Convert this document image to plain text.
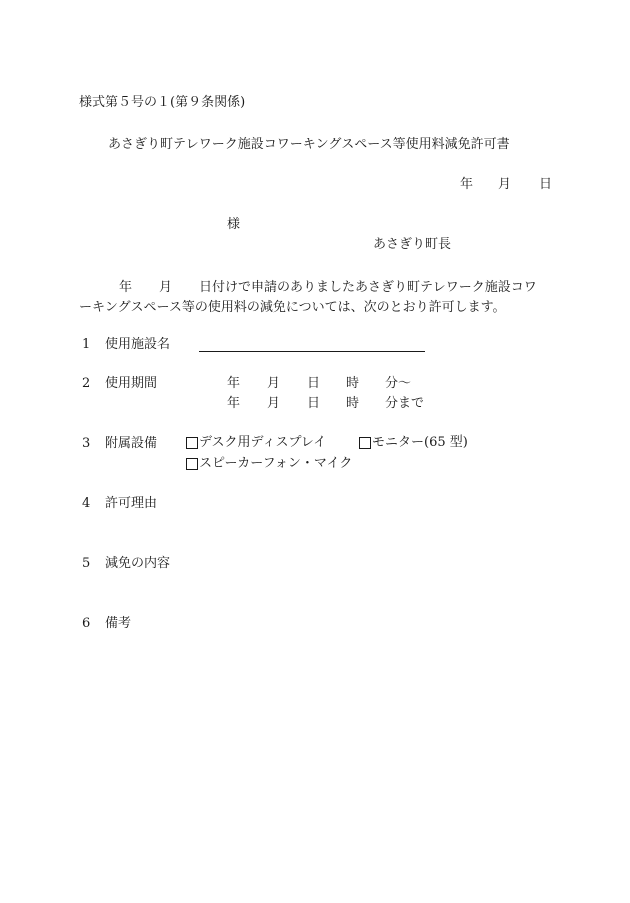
様式第５号の１(第９条関係)
あさぎり町テレワーク施設コワーキングスペース等使用料減免許可書
年 月 日
様
あさぎり町長
年 月 日付けで申請のありましたあさぎり町テレワーク施設コワ
ーキングスペース等の使用料の減免については、次のとおり許可します。
1 使用施設名
2 使用期間	年 月 日 時 分～
年 月 日 時 分まで
3 附属設備	デスク用ディスプレイ	モニター(65 型)
スピーカーフォン・マイク
4 許可理由
5 減免の内容
6 備考
